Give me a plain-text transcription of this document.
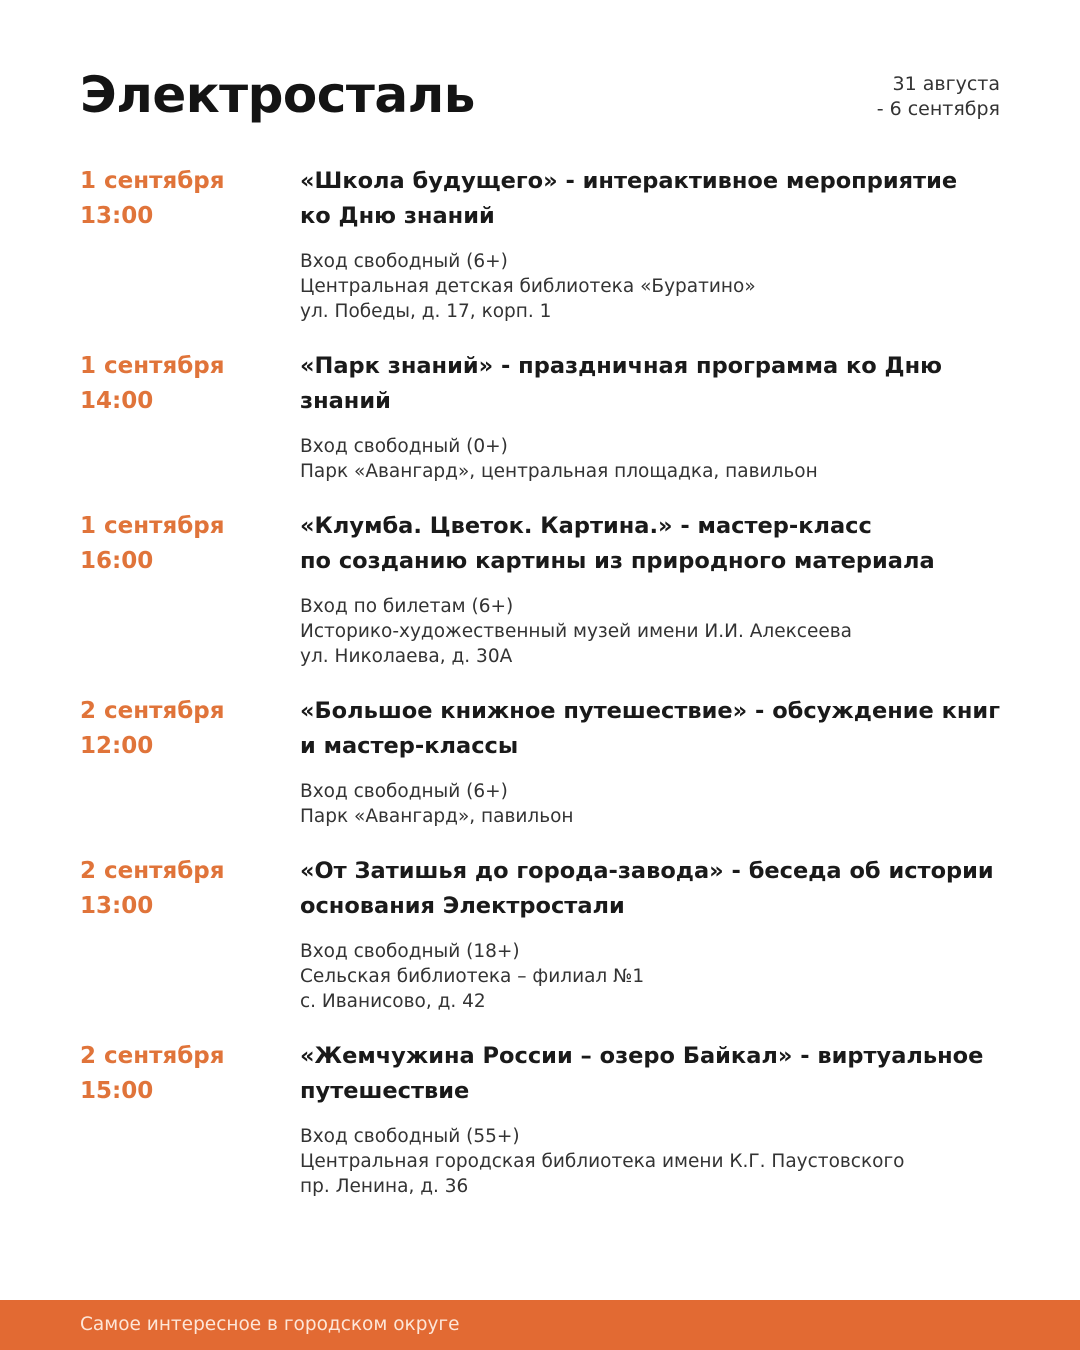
Электросталь	31 августа
- 6 сентября
1 сентября
13:00
«Школа будущего» - интерактивное мероприятие
ко Дню знаний
Вход свободный (6+)
Центральная детская библиотека «Буратино»
ул. Победы, д. 17, корп. 1
1 сентября
14:00
«Парк знаний» - праздничная программа ко Дню
знаний
Вход свободный (0+)
Парк «Авангард», центральная площадка, павильон
1 сентября
16:00
«Клумба. Цветок. Картина.» - мастер-класс
по созданию картины из природного материала
Вход по билетам (6+)
Историко-художественный музей имени И.И. Алексеева
ул. Николаева, д. 30А
2 сентября
12:00
«Большое книжное путешествие» - обсуждение книг
и мастер-классы
Вход свободный (6+)
Парк «Авангард», павильон
2 сентября
13:00
«От Затишья до города-завода» - беседа об истории
основания Электростали
Вход свободный (18+)
Сельская библиотека – филиал №1
с. Иванисово, д. 42
2 сентября
15:00
«Жемчужина России – озеро Байкал» - виртуальное
путешествие
Вход свободный (55+)
Центральная городская библиотека имени К.Г. Паустовского
пр. Ленина, д. 36
Самое интересное в городском округе
